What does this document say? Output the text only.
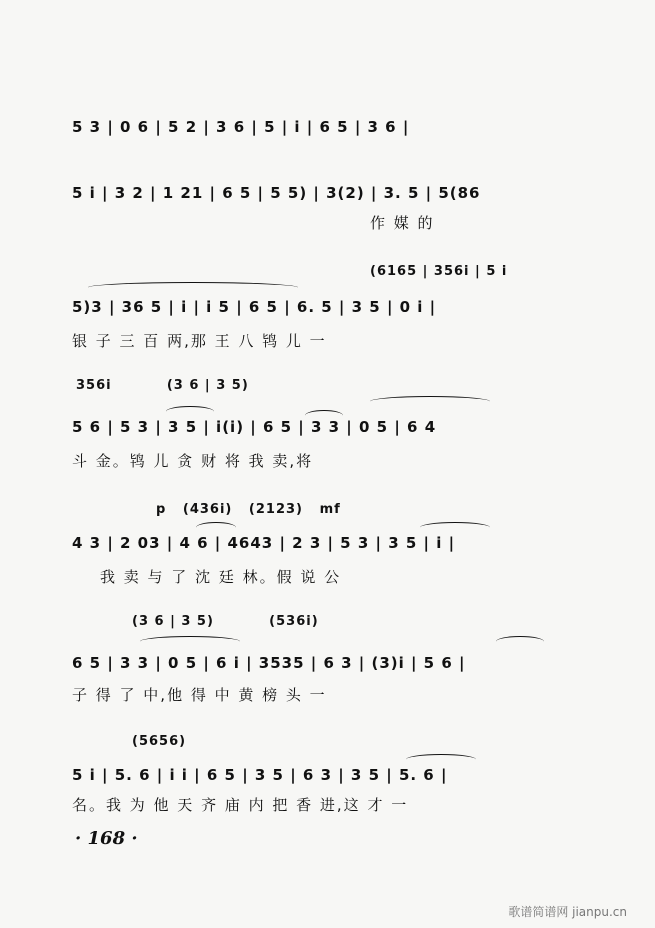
5 3 | 0 6 | 5 2 | 3 6 | 5 | i | 6 5 | 3 6 |
5 i | 3 2 | 1 21 | 6 5 | 5 5) | 3(2) | 3. 5 | 5(86
作 媒 的
(6165 | 356i | 5 i
5)3 | 36 5 | i | i 5 | 6 5 | 6. 5 | 3 5 | 0 i |
银 子 三 百 两,那 王 八 鸨 儿 一
356i          (3 6 | 3 5)
5 6 | 5 3 | 3 5 | i(i) | 6 5 | 3 3 | 0 5 | 6 4
斗 金。鸨 儿 贪 财 将 我 卖,将
p   (436i)   (2123)   mf
4 3 | 2 03 | 4 6 | 4643 | 2 3 | 5 3 | 3 5 | i |
我 卖 与 了 沈 廷 林。假 说 公
(3 6 | 3 5)          (536i)
6 5 | 3 3 | 0 5 | 6 i | 3535 | 6 3 | (3)i | 5 6 |
子 得 了 中,他 得 中 黄 榜 头 一
(5656)
5 i | 5. 6 | i i | 6 5 | 3 5 | 6 3 | 3 5 | 5. 6 |
名。我 为 他 天 齐 庙 内 把 香 进,这 才 一
· 168 ·
歌谱简谱网 jianpu.cn
